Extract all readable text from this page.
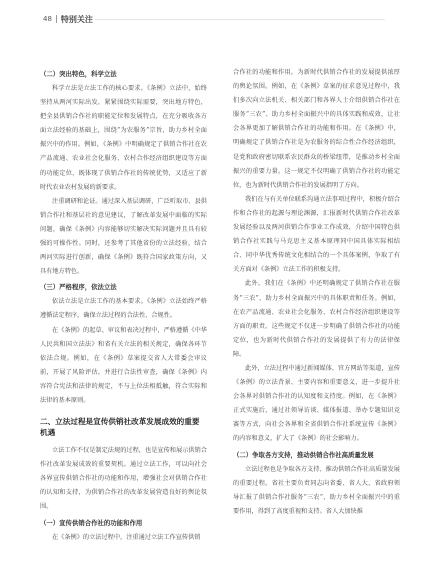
48 特别关注
（二）突出特色，科学立法

科学立法是立法工作的核心要求。《条例》立法中，始终坚持从两河实际出发，紧紧围绕实际需要，突出地方特色，把全县供销合作社的职能定位和发展特点，在充分吸收各方面立法经验的基础上，围绕“为农服务”宗旨，助力乡村全面振兴中的作用。例如，《条例》中明确规定了供销合作社在农产品流通、农业社会化服务、农村合作经济组织建设等方面的功能定位，既体现了供销合作社的传统优势，又适应了新时代农业农村发展的新要求。

注重调研和论证。通过深入基层调研，广泛听取市、县供销合作社和基层社的意见建议，了解改革发展中面临的实际问题，确保《条例》内容能够切实解决实际问题并且具有较强的可操作性。同时，还参考了其他省份的立法经验，结合两河实际进行创新，确保《条例》既符合国家政策方向，又具有地方特色。

（三）严格程序，依法立法

依法立法是立法工作的基本要求。《条例》立法始终严格遵循法定程序，确保立法过程的合法性、合规性。

在《条例》的起草、审议和表决过程中，严格遵循《中华人民共和国立法法》和省有关立法的相关规定，确保各环节依法合规。例如，在《条例》草案提交省人大常委会审议前，开展了风险评估，并进行合法性审查，确保《条例》内容符合宪法和法律的规定，不与上位法相抵触，符合实际和法律的基本原则。

二、立法过程是宣传供销社改革发展成效的重要机遇

立法工作不仅是制定法规的过程，也是宣传和展示供销合作社改革发展成效的重要契机。通过立法工作，可以向社会各界宣传供销合作社的功能和作用，增强社会对供销合作社的认知和支持，为供销合作社的改革发展营造良好的舆论氛围。

（一）宣传供销合作社的功能和作用

在《条例》的立法过程中，注重通过立法工作宣传供销

合作社的功能和作用，为新时代供销合作社的发展提供浓厚的舆论氛围。例如，在《条例》草案的征求意见过程中，我们多次向立法机关、相关部门和各界人士介绍供销合作社在服务“三农”、助力乡村全面振兴中的具体实践和成效，让社会各界更加了解供销合作社的功能和作用。在《条例》中，明确规定了供销合作社是为农服务的综合性合作经济组织，是党和政府密切联系农民群众的桥梁纽带，是推动乡村全面振兴的重要力量。这一规定不仅明确了供销合作社的功能定位，也为新时代供销合作社的发展指明了方向。

我们在与有关单位联系沟通立法事项过程中，积极介绍合作和合作社的起源与理论渊源，汇报新时代供销合作社改革发展经验以及两河供销合作事业工作成效，介绍中国特色供销合作社实践与马克思主义基本原理同中国具体实际相结合、同中华优秀传统文化相结合的一个具体案例，争取了有关方面对《条例》立法工作的积极支持。

此外，我们在《条例》中还明确规定了供销合作社在服务“三农”、助力乡村全面振兴中的具体职责和任务。例如，在农产品流通、农业社会化服务、农村合作经济组织建设等方面的职责。这些规定不仅进一步明确了供销合作社的功能定位，也为新时代供销合作社的发展提供了有力的法律保障。

此外，立法过程中通过新闻媒体、官方网站等渠道，宣传《条例》的立法背景、主要内容和重要意义，进一步提升社会各界对供销合作社的认知度和支持度。例如，在《条例》正式实施后，通过社领导访谈、媒体报道、举办专题知识竞赛等方式，向社会各界和全省供销合作社系统宣传《条例》的内容和意义，扩大了《条例》的社会影响力。

（二）争取各方支持，推动供销合作社高质量发展

立法过程也是争取各方支持、推动供销合作社高质量发展的重要过程。省社主要负责同志向省委、省人大、省政府领导汇报了供销合作社服务“三农”、助力乡村全面振兴中的重要作用，得到了高度重视和支持。省人大加快推
